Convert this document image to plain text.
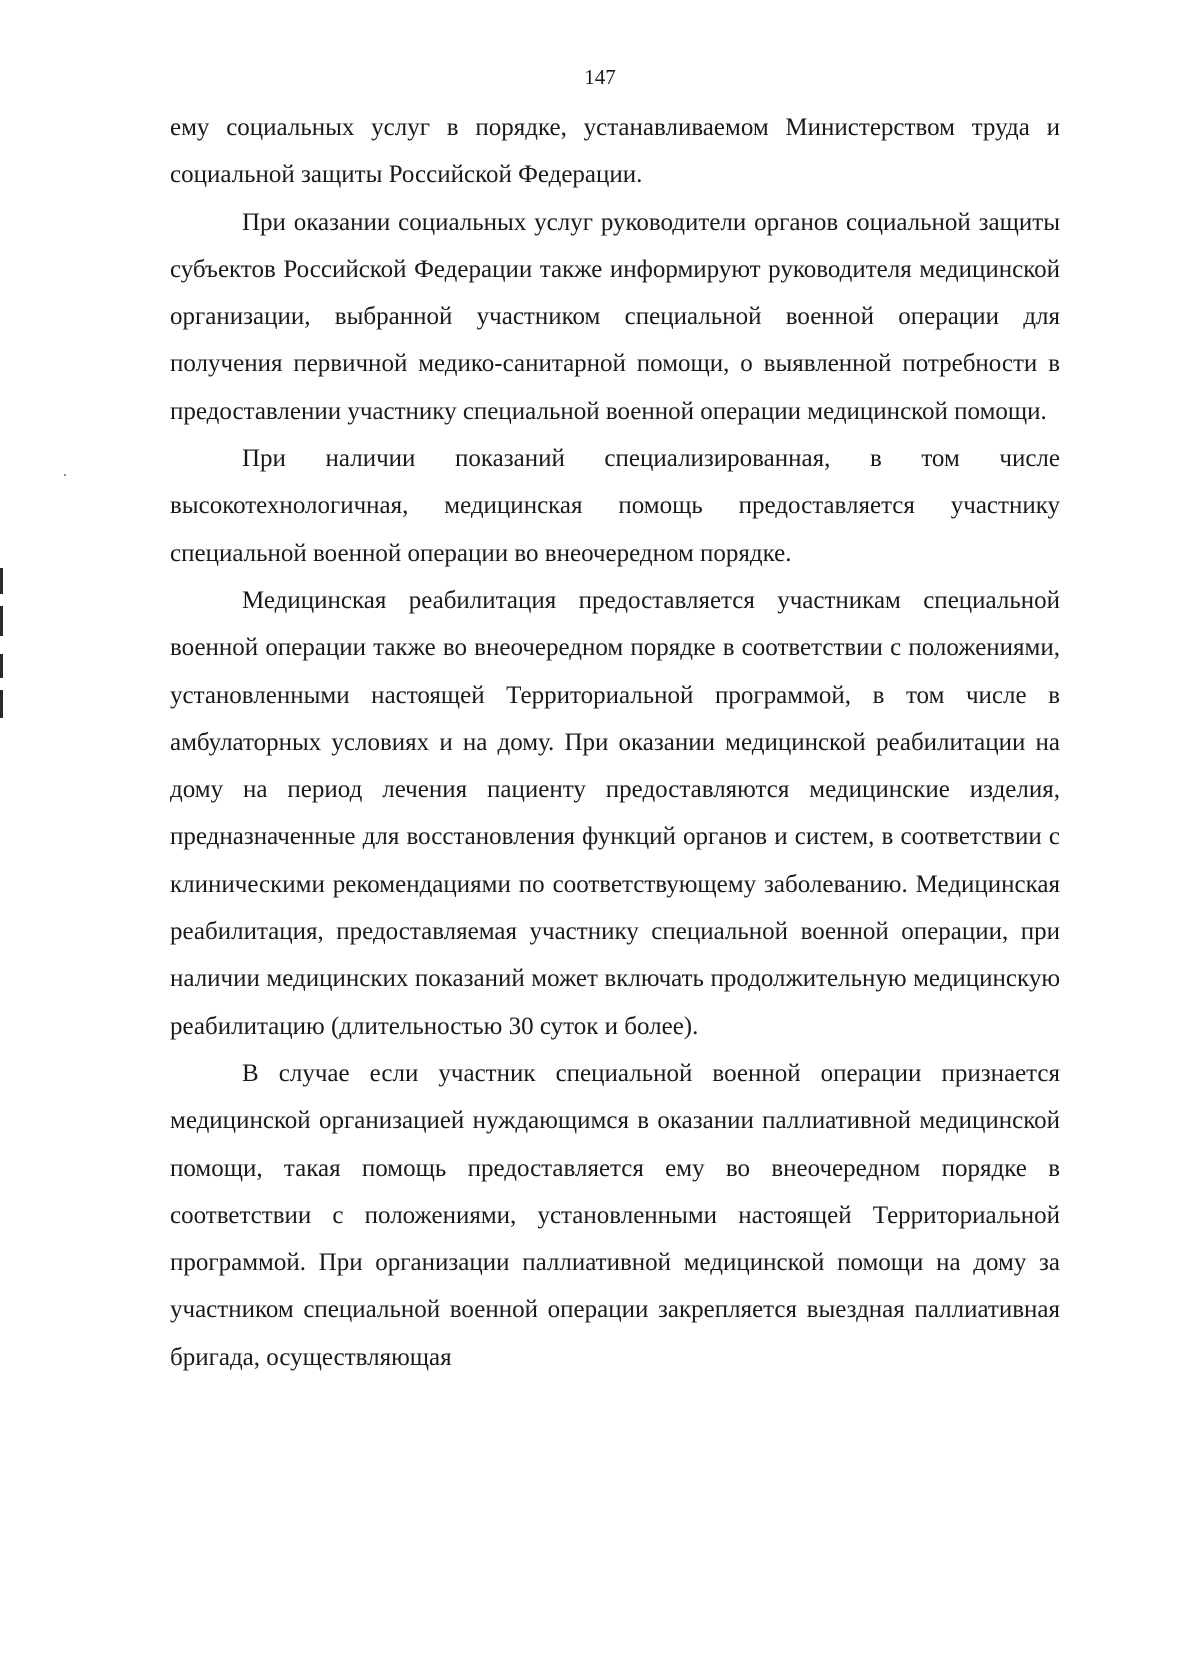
147

ему социальных услуг в порядке, устанавливаемом Министерством труда и социальной защиты Российской Федерации.

При оказании социальных услуг руководители органов социальной защиты субъектов Российской Федерации также информируют руководителя медицинской организации, выбранной участником специальной военной операции для получения первичной медико-санитарной помощи, о выявленной потребности в предоставлении участнику специальной военной операции медицинской помощи.

При наличии показаний специализированная, в том числе высокотехнологичная, медицинская помощь предоставляется участнику специальной военной операции во внеочередном порядке.

Медицинская реабилитация предоставляется участникам специальной военной операции также во внеочередном порядке в соответствии с положениями, установленными настоящей Территориальной программой, в том числе в амбулаторных условиях и на дому. При оказании медицинской реабилитации на дому на период лечения пациенту предоставляются медицинские изделия, предназначенные для восстановления функций органов и систем, в соответствии с клиническими рекомендациями по соответствующему заболеванию. Медицинская реабилитация, предоставляемая участнику специальной военной операции, при наличии медицинских показаний может включать продолжительную медицинскую реабилитацию (длительностью 30 суток и более).

В случае если участник специальной военной операции признается медицинской организацией нуждающимся в оказании паллиативной медицинской помощи, такая помощь предоставляется ему во внеочередном порядке в соответствии с положениями, установленными настоящей Территориальной программой. При организации паллиативной медицинской помощи на дому за участником специальной военной операции закрепляется выездная паллиативная бригада, осуществляющая
